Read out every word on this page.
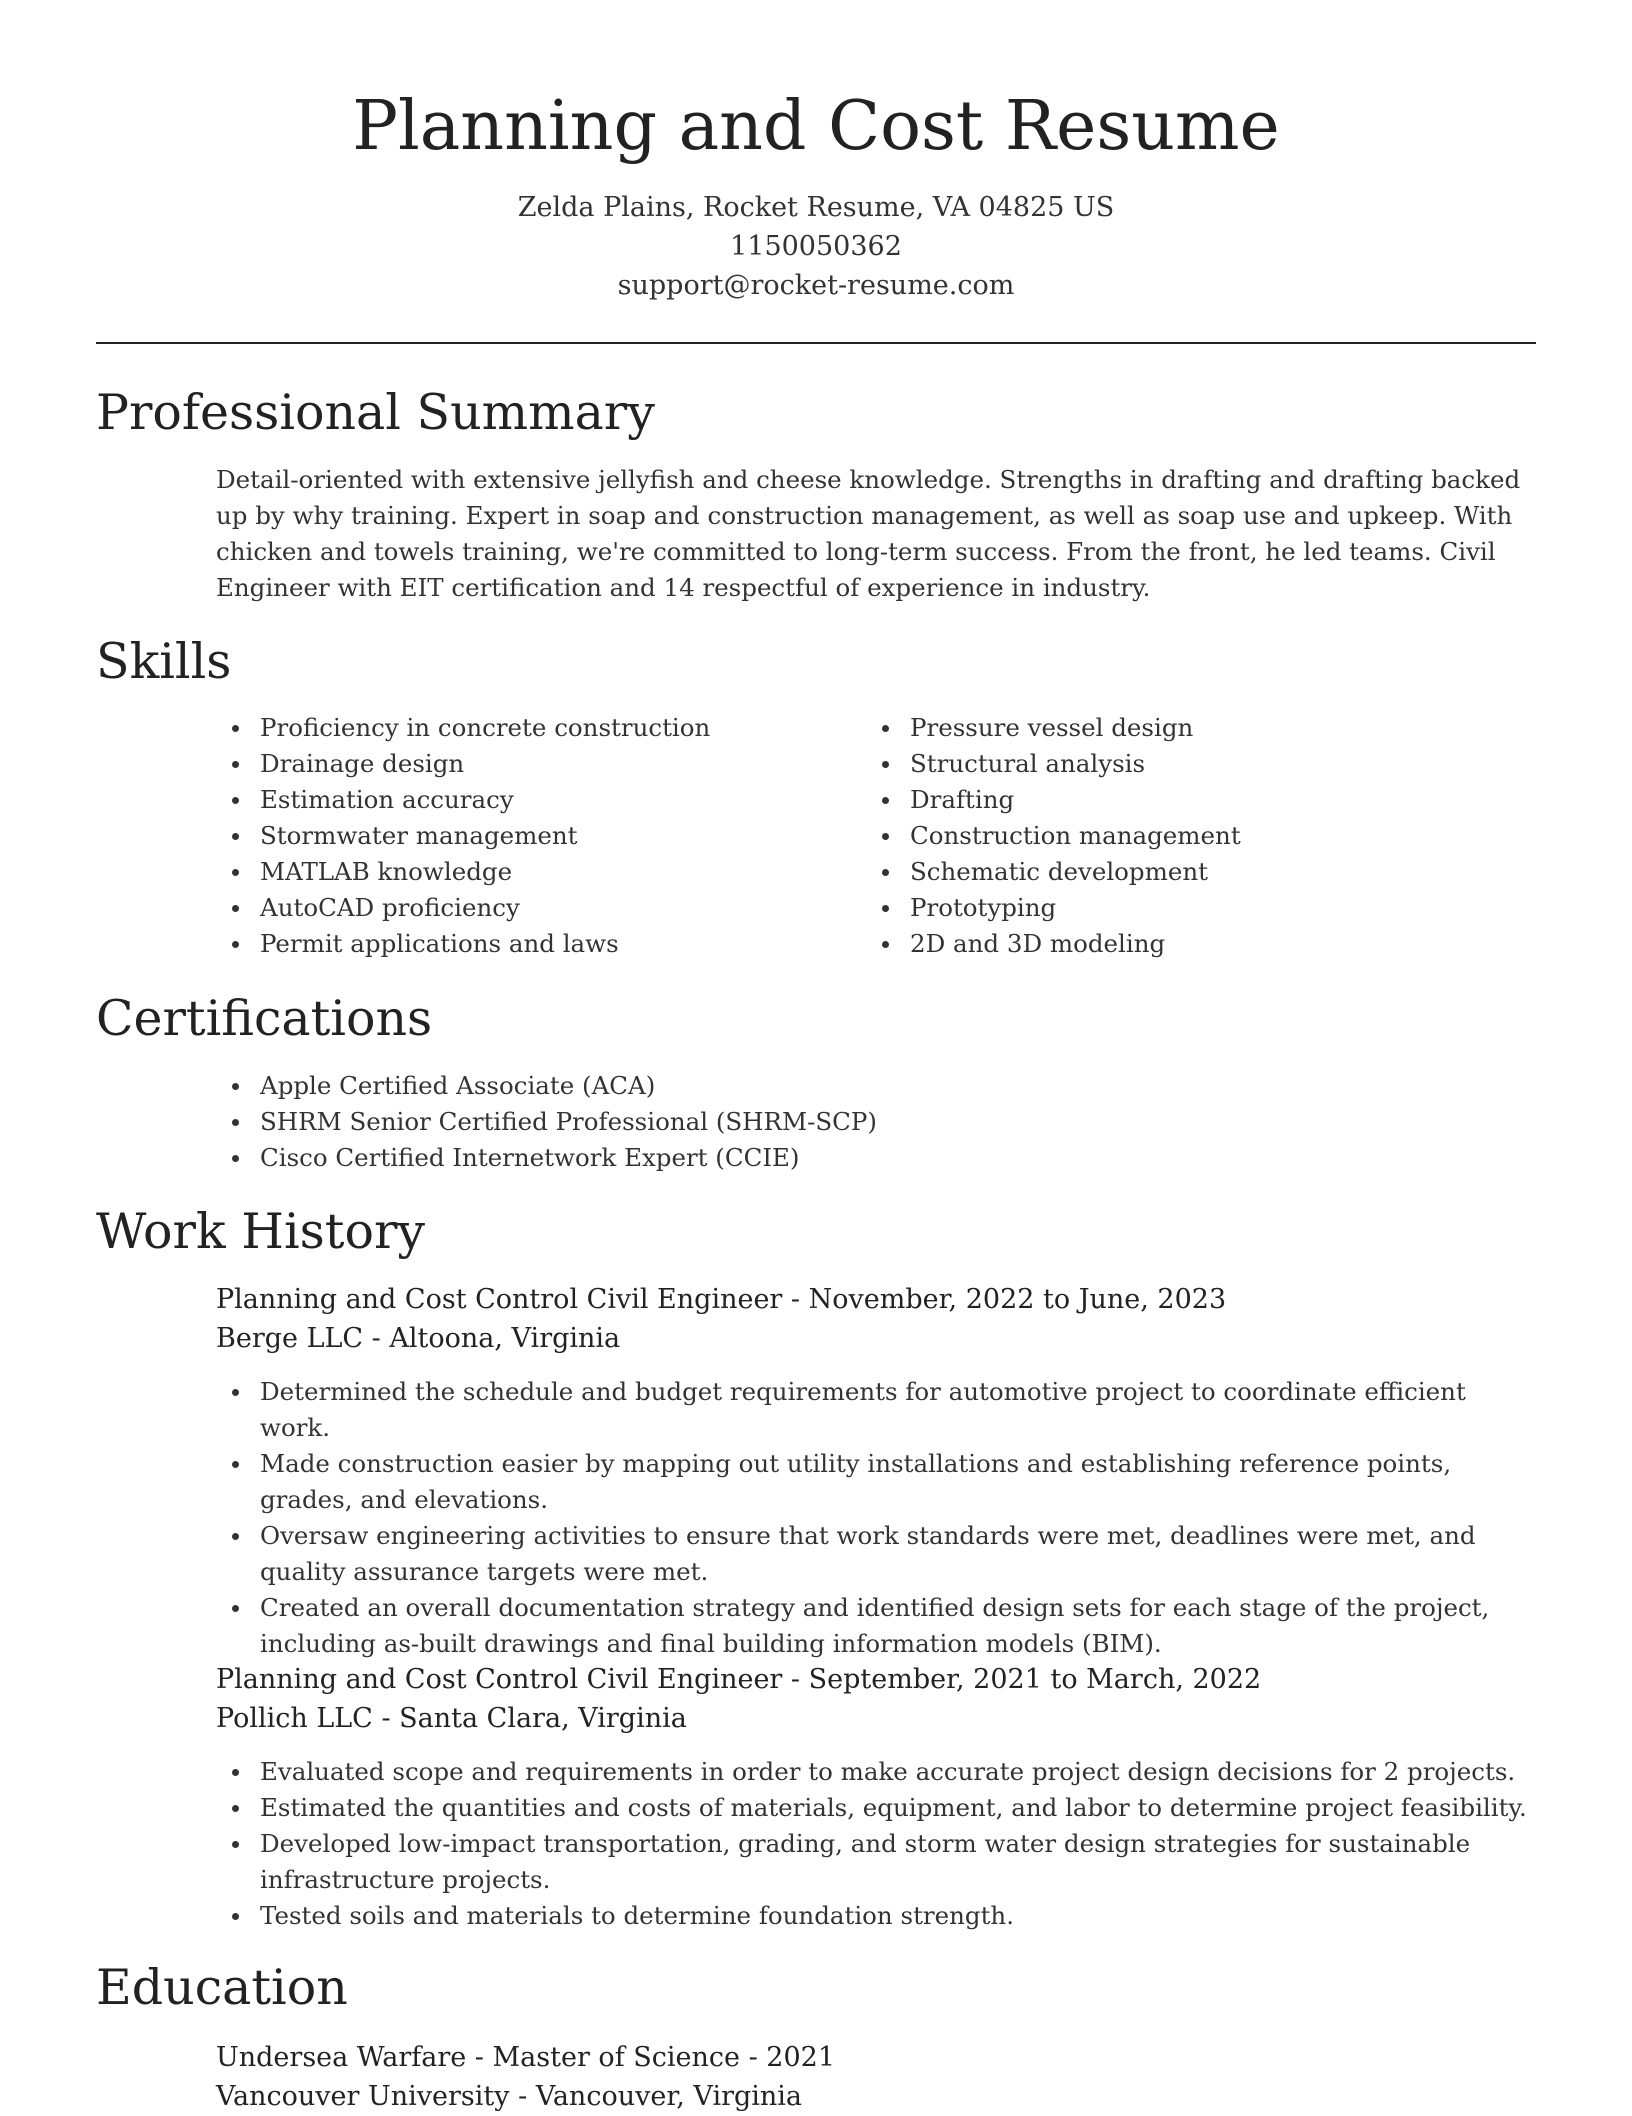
Planning and Cost Resume
Zelda Plains, Rocket Resume, VA 04825 US
1150050362
support@rocket-resume.com
Professional Summary

Detail-oriented with extensive jellyfish and cheese knowledge. Strengths in drafting and drafting backed up by why training. Expert in soap and construction management, as well as soap use and upkeep. With chicken and towels training, we're committed to long-term success. From the front, he led teams. Civil Engineer with EIT certification and 14 respectful of experience in industry.

Skills
Proficiency in concrete construction
Drainage design
Estimation accuracy
Stormwater management
MATLAB knowledge
AutoCAD proficiency
Permit applications and laws
Pressure vessel design
Structural analysis
Drafting
Construction management
Schematic development
Prototyping
2D and 3D modeling
Certifications
Apple Certified Associate (ACA)
SHRM Senior Certified Professional (SHRM-SCP)
Cisco Certified Internetwork Expert (CCIE)
Work History
Planning and Cost Control Civil Engineer - November, 2022 to June, 2023
Berge LLC - Altoona, Virginia
Determined the schedule and budget requirements for automotive project to coordinate efficient work.
Made construction easier by mapping out utility installations and establishing reference points, grades, and elevations.
Oversaw engineering activities to ensure that work standards were met, deadlines were met, and quality assurance targets were met.
Created an overall documentation strategy and identified design sets for each stage of the project, including as-built drawings and final building information models (BIM).
Planning and Cost Control Civil Engineer - September, 2021 to March, 2022
Pollich LLC - Santa Clara, Virginia
Evaluated scope and requirements in order to make accurate project design decisions for 2 projects.
Estimated the quantities and costs of materials, equipment, and labor to determine project feasibility.
Developed low-impact transportation, grading, and storm water design strategies for sustainable infrastructure projects.
Tested soils and materials to determine foundation strength.
Education
Undersea Warfare - Master of Science - 2021
Vancouver University - Vancouver, Virginia
